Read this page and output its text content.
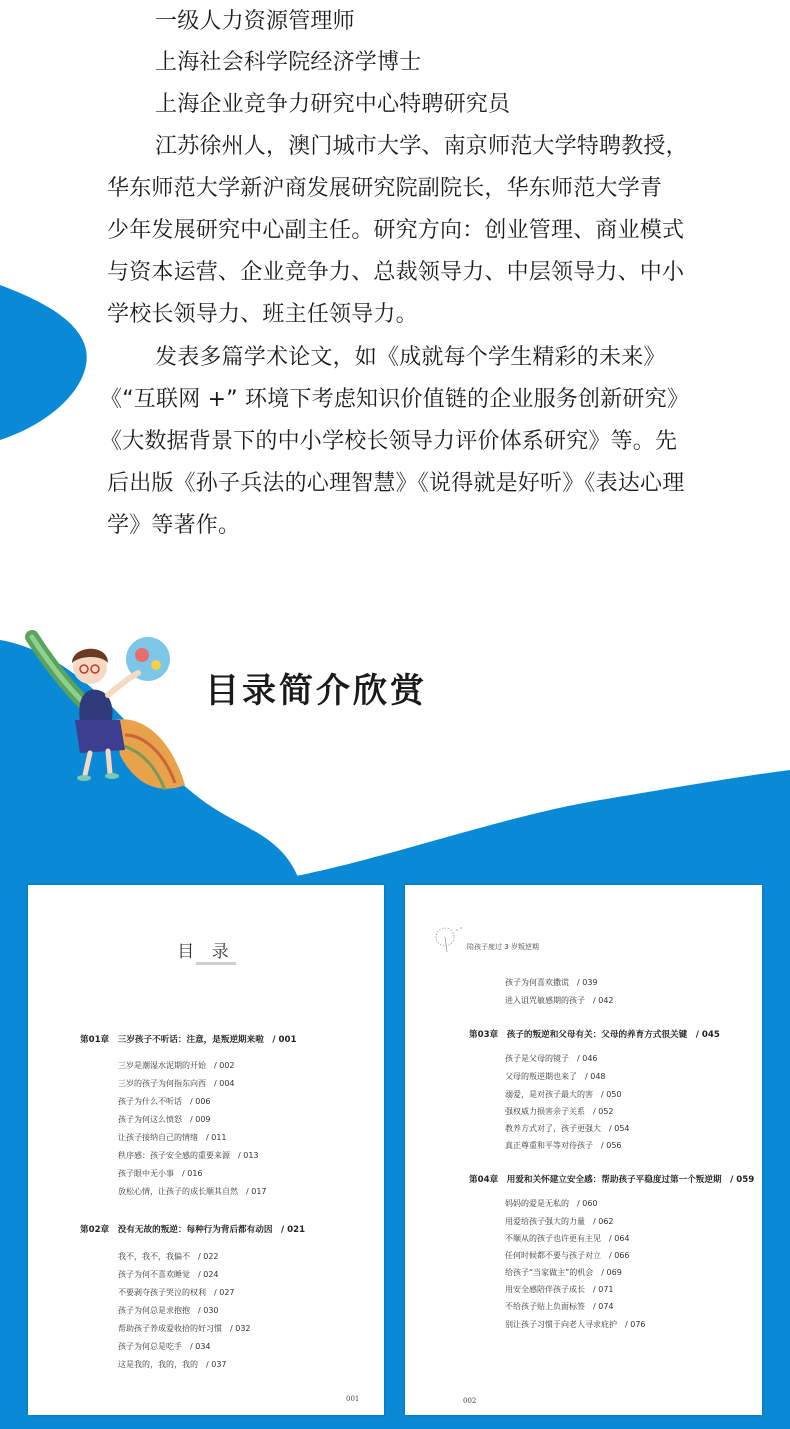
一级人力资源管理师
上海社会科学院经济学博士
上海企业竞争力研究中心特聘研究员
江苏徐州人，澳门城市大学、南京师范大学特聘教授，
华东师范大学新沪商发展研究院副院长，华东师范大学青
少年发展研究中心副主任。研究方向：创业管理、商业模式
与资本运营、企业竞争力、总裁领导力、中层领导力、中小
学校长领导力、班主任领导力。
发表多篇学术论文，如《成就每个学生精彩的未来》
《“互联网 +” 环境下考虑知识价值链的企业服务创新研究》
《大数据背景下的中小学校长领导力评价体系研究》等。先
后出版《孙子兵法的心理智慧》《说得就是好听》《表达心理
学》等著作。
目录简介欣赏
目 录
第01章　三岁孩子不听话：注意，是叛逆期来啦　/ 001
三岁是潮湿水泥期的开始　/ 002
三岁的孩子为何指东向西　/ 004
孩子为什么不听话　/ 006
孩子为何这么愤怒　/ 009
让孩子接纳自己的情绪　/ 011
秩序感：孩子安全感的重要来源　/ 013
孩子眼中无小事　/ 016
放松心情，让孩子的成长顺其自然　/ 017
第02章　没有无故的叛逆：每种行为背后都有动因　/ 021
我不，我不，我偏不　/ 022
孩子为何不喜欢睡觉　/ 024
不要剥夺孩子哭泣的权利　/ 027
孩子为何总是求抱抱　/ 030
帮助孩子养成爱收拾的好习惯　/ 032
孩子为何总是吃手　/ 034
这是我的，我的，我的　/ 037
001
陪孩子度过 3 岁叛逆期
孩子为何喜欢撒谎　/ 039
进入诅咒敏感期的孩子　/ 042
第03章　孩子的叛逆和父母有关：父母的养育方式很关键　/ 045
孩子是父母的镜子　/ 046
父母的叛逆期也来了　/ 048
溺爱，是对孩子最大的害　/ 050
强权威力损害亲子关系　/ 052
教养方式对了，孩子更强大　/ 054
真正尊重和平等对待孩子　/ 056
第04章　用爱和关怀建立安全感：帮助孩子平稳度过第一个叛逆期　/ 059
妈妈的爱是无私的　/ 060
用爱给孩子强大的力量　/ 062
不顺从的孩子也许更有主见　/ 064
任何时候都不要与孩子对立　/ 066
给孩子“当家做主”的机会　/ 069
用安全感陪伴孩子成长　/ 071
不给孩子贴上负面标签　/ 074
别让孩子习惯于向老人寻求庇护　/ 076
002
